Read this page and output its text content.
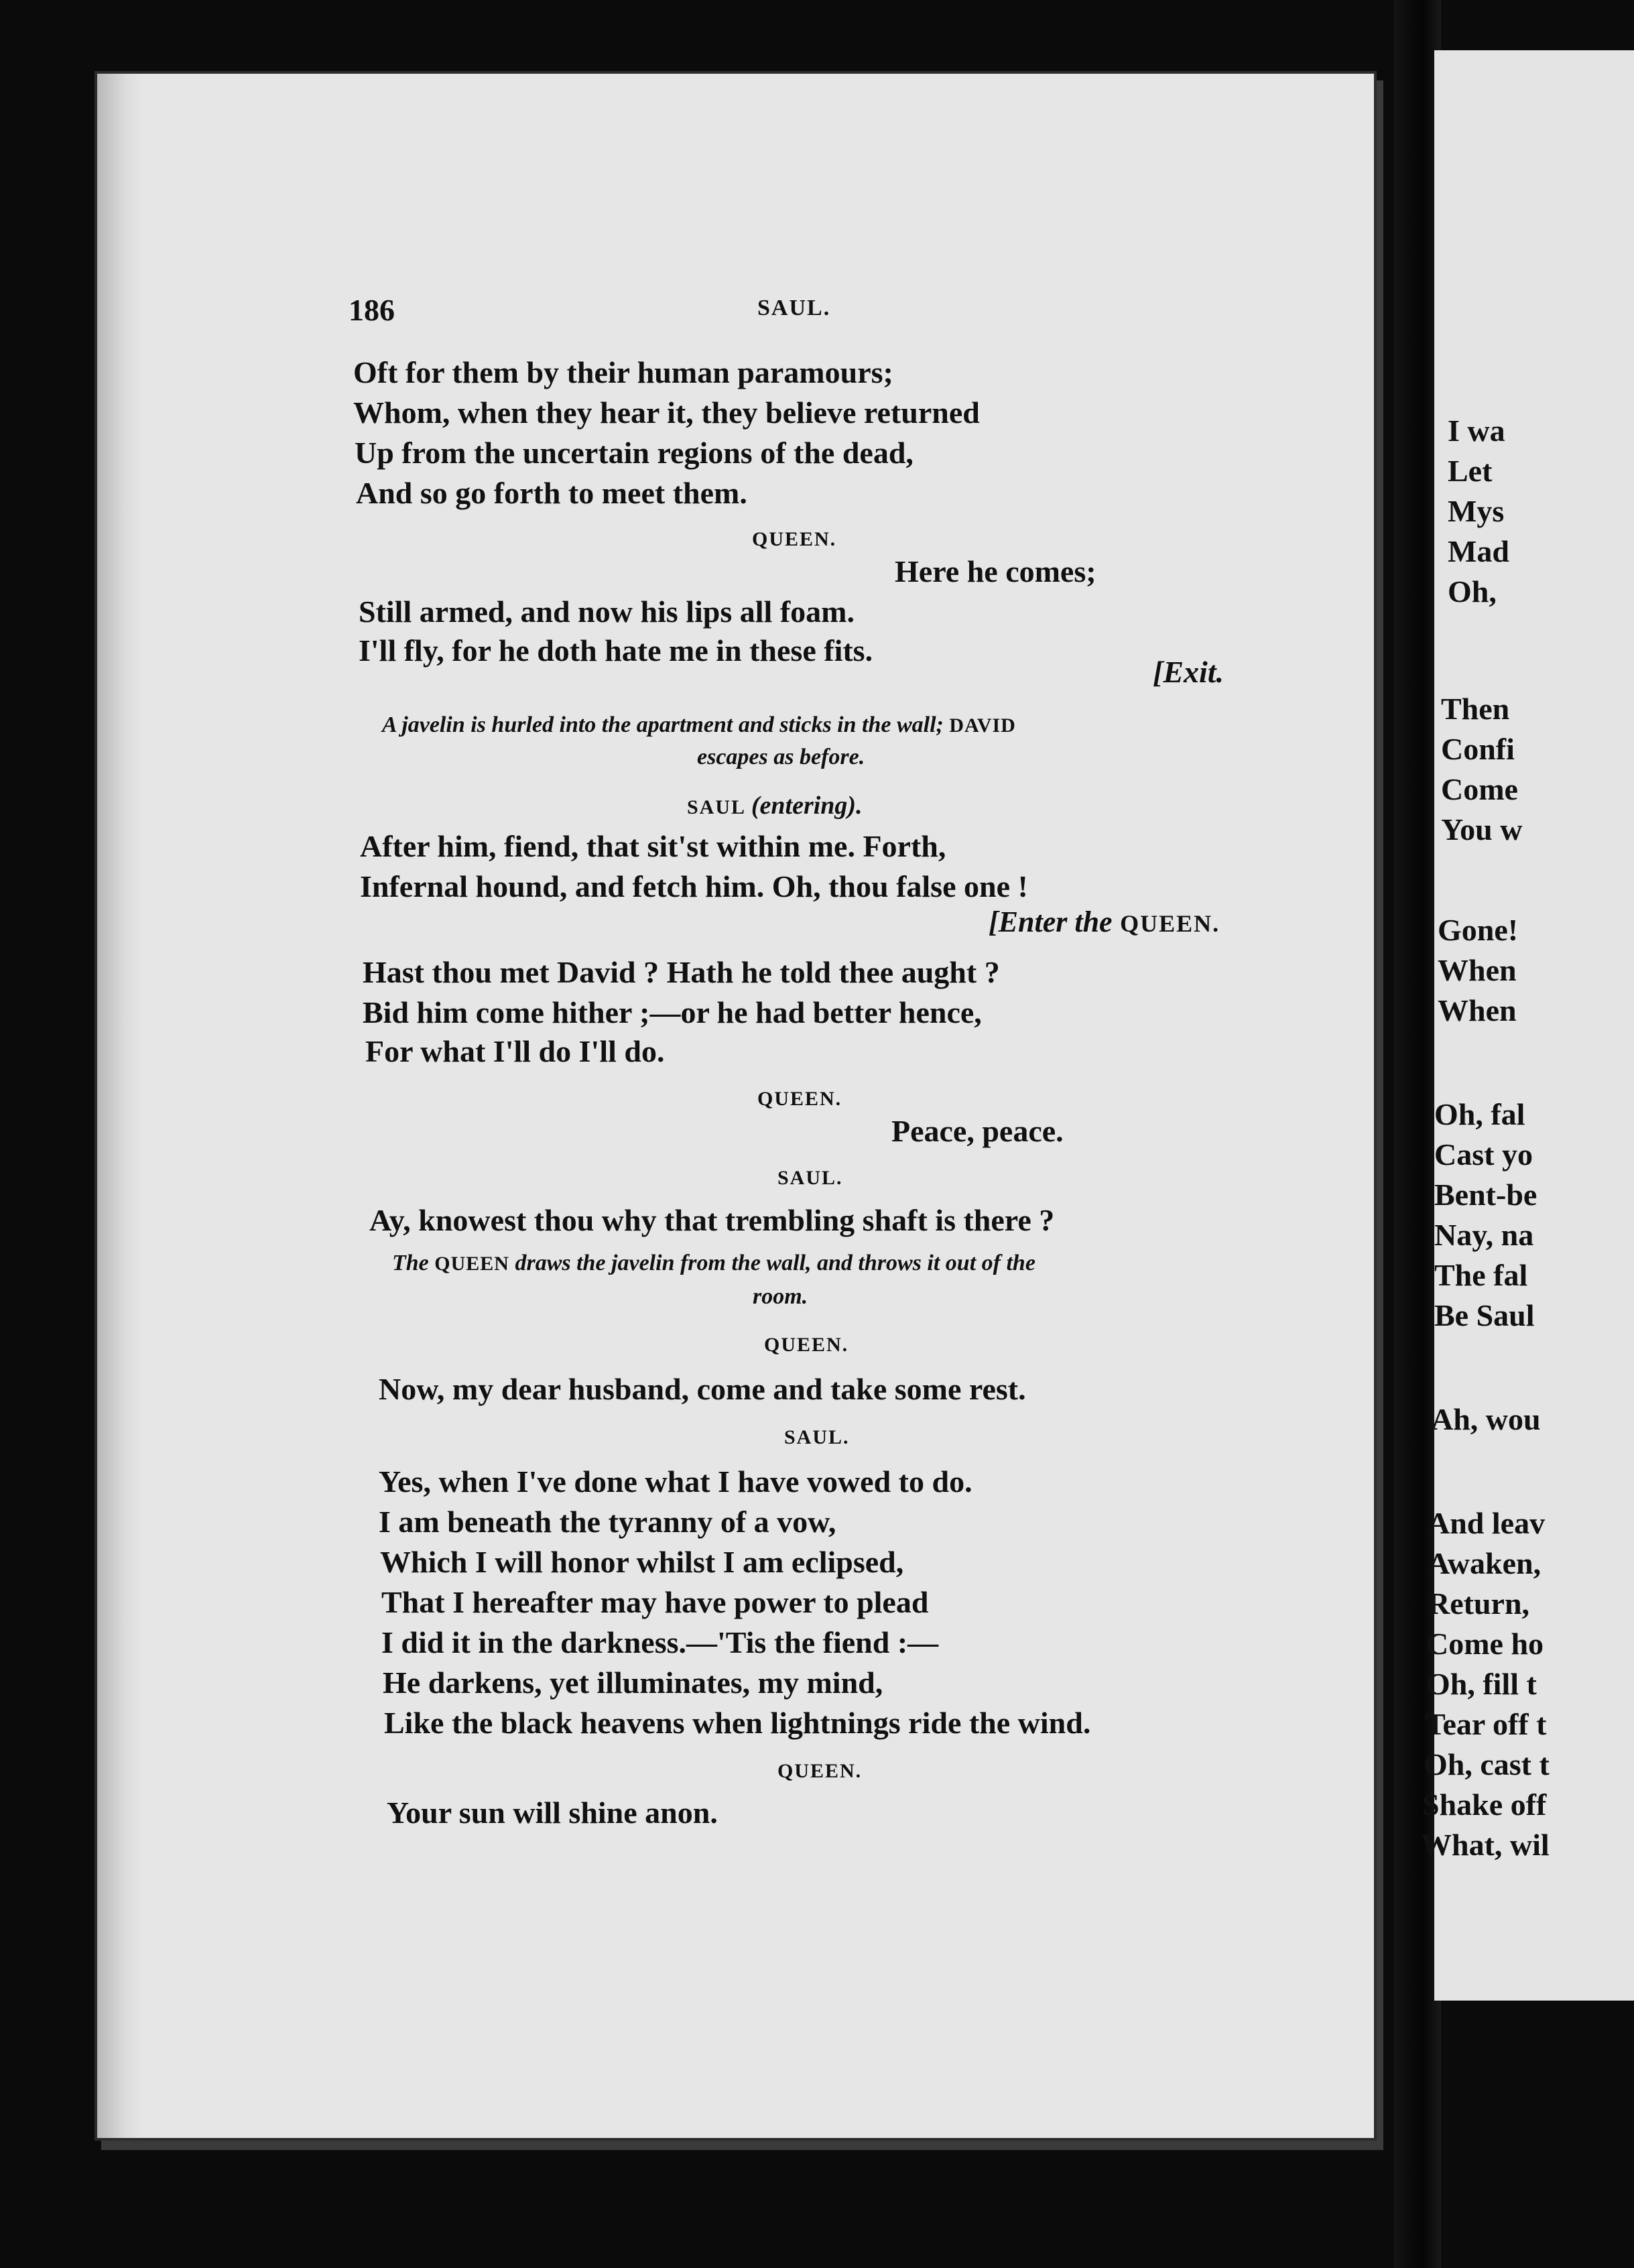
186	SAUL.
Oft for them by their human paramours;
Whom, when they hear it, they believe returned
Up from the uncertain regions of the dead,
And so go forth to meet them.
QUEEN.
Here he comes;
Still armed, and now his lips all foam.
I'll fly, for he doth hate me in these fits.
[Exit.
A javelin is hurled into the apartment and sticks in the wall; DAVID
escapes as before.
SAUL (entering).
After him, fiend, that sit'st within me. Forth,
Infernal hound, and fetch him. Oh, thou false one !
[Enter the QUEEN.
Hast thou met David ? Hath he told thee aught ?
Bid him come hither ;—or he had better hence,
For what I'll do I'll do.
QUEEN.
Peace, peace.
SAUL.
Ay, knowest thou why that trembling shaft is there ?
The QUEEN draws the javelin from the wall, and throws it out of the
room.
QUEEN.
Now, my dear husband, come and take some rest.
SAUL.
Yes, when I've done what I have vowed to do.
I am beneath the tyranny of a vow,
Which I will honor whilst I am eclipsed,
That I hereafter may have power to plead
I did it in the darkness.—'Tis the fiend :—
He darkens, yet illuminates, my mind,
Like the black heavens when lightnings ride the wind.
QUEEN.
Your sun will shine anon.
I wa
Let
Mys
Mad
Oh,
Then
Confi
Come
You w
Gone!
When
When
Oh, fal
Cast yo
Bent-be
Nay, na
The fal
Be Saul
Ah, wou
And leav
Awaken,
Return,
Come ho
Oh, fill t
Tear off t
Oh, cast t
Shake off
What, wil
